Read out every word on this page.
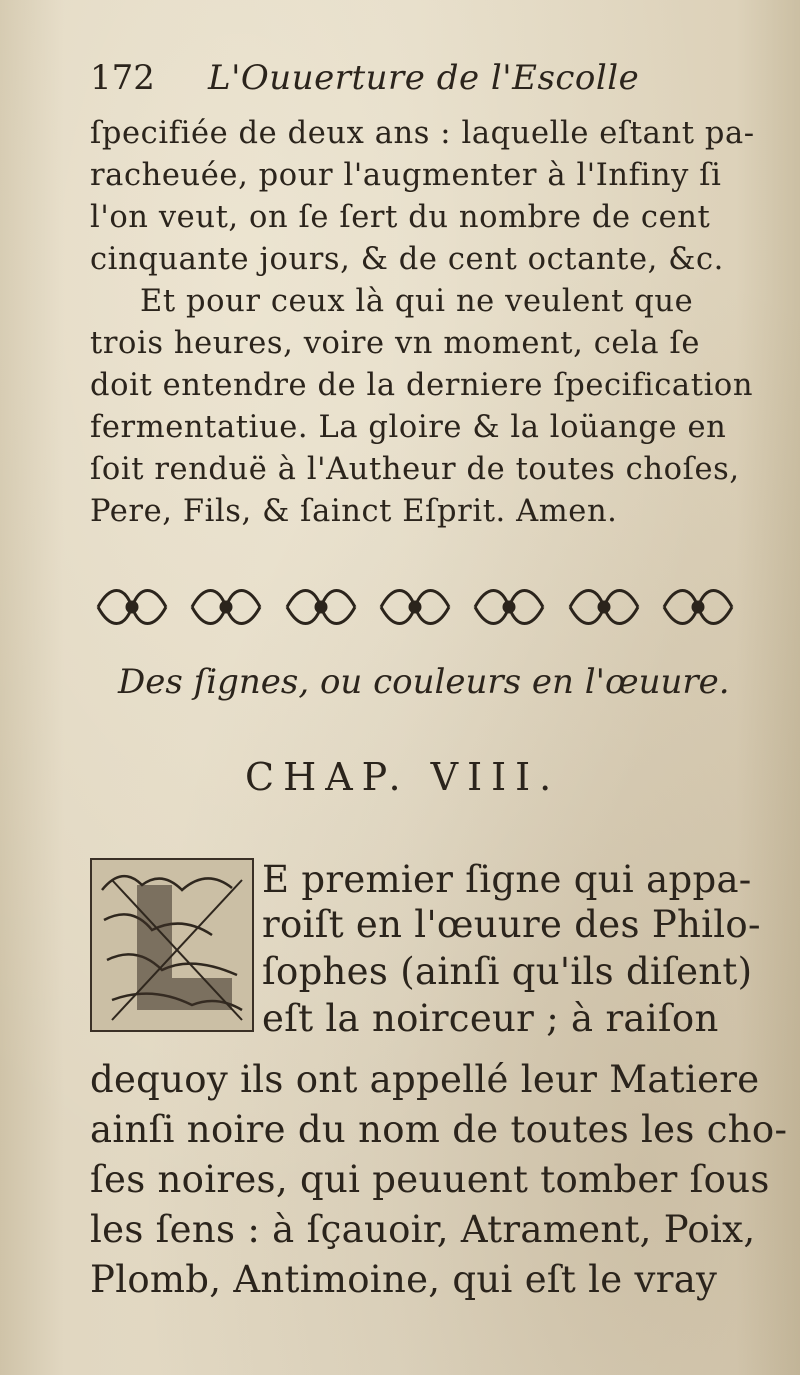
172 L'Ouuerture de l'Escolle
ſpecifiée de deux ans : laquelle eſtant pa-
racheuée, pour l'augmenter à l'Infiny ſi
l'on veut, on ſe ſert du nombre de cent
cinquante jours, & de cent octante, &c.
Et pour ceux là qui ne veulent que
trois heures, voire vn moment, cela ſe
doit entendre de la derniere ſpecification
fermentatiue. La gloire & la loüange en
ſoit renduë à l'Autheur de toutes choſes,
Pere, Fils, & ſainct Eſprit. Amen.
Des ſignes, ou couleurs en l'œuure.
CHAP. VIII.
E premier ſigne qui appa-
roiſt en l'œuure des Philo-
ſophes (ainſi qu'ils diſent)
eſt la noirceur ; à raiſon
dequoy ils ont appellé leur Matiere
ainſi noire du nom de toutes les cho-
ſes noires, qui peuuent tomber ſous
les ſens : à ſçauoir, Atrament, Poix,
Plomb, Antimoine, qui eſt le vray
